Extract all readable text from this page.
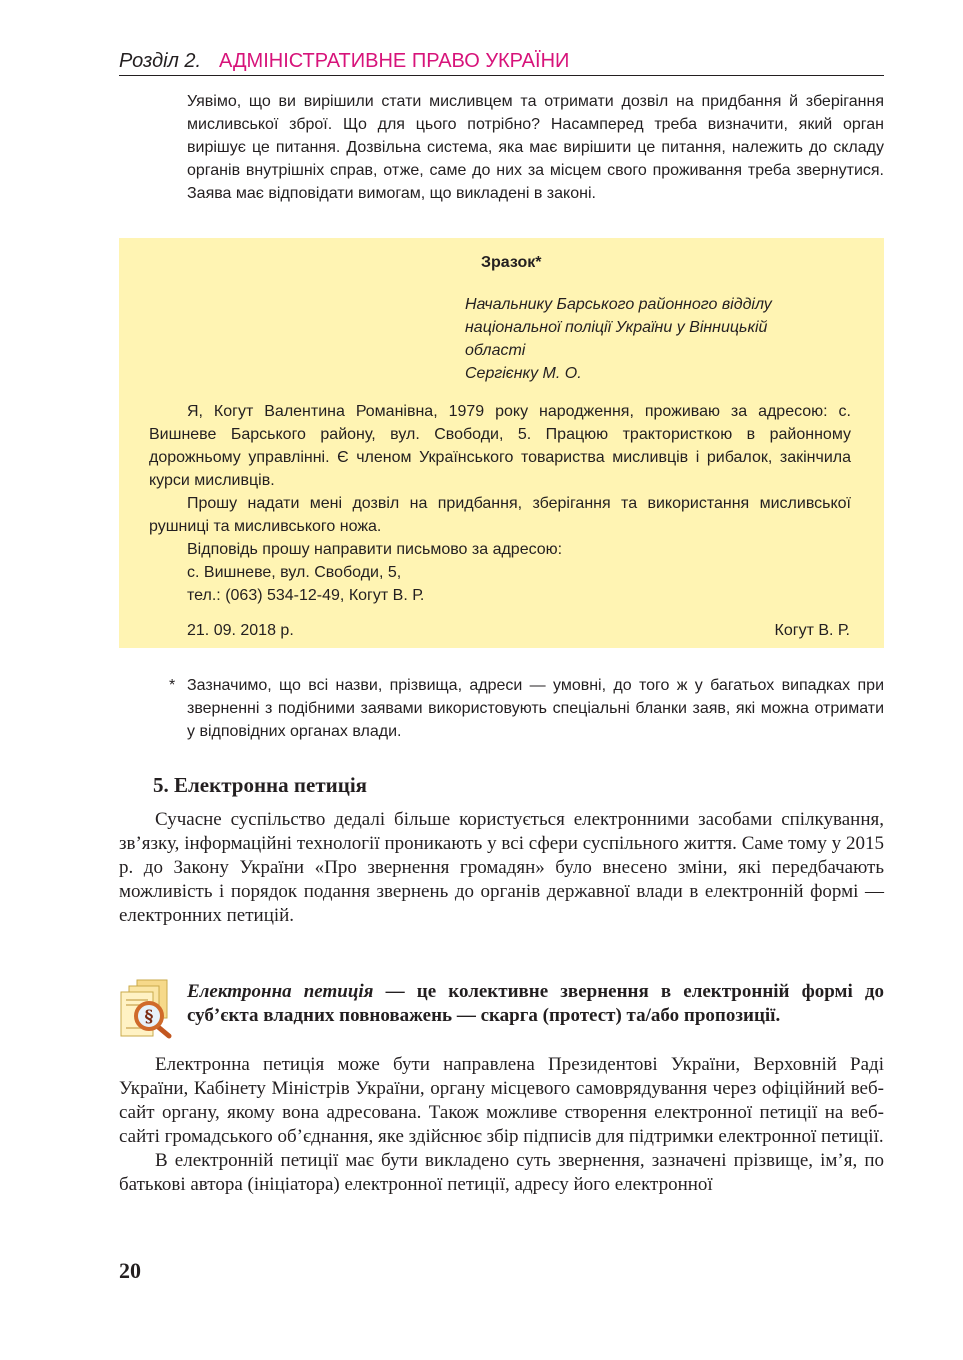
Розділ 2. АДМІНІСТРАТИВНЕ ПРАВО УКРАЇНИ

Уявімо, що ви вирішили стати мисливцем та отримати дозвіл на придбання й зберігання мисливської зброї. Що для цього потрібно? Насамперед треба визначити, який орган вирішує це питання. Дозвільна система, яка має вирішити це питання, належить до складу органів внутрішніх справ, отже, саме до них за місцем свого проживання треба звернутися. Заява має відповідати вимогам, що викладені в законі.

Зразок*
Начальнику Барського районного відділу
національної поліції України у Вінницькій
області
Сергієнку М. О.

Я, Когут Валентина Романівна, 1979 року народження, проживаю за адресою: с. Вишневе Барського району, вул. Свободи, 5. Працюю трактористкою в районному дорожньому управлінні. Є членом Українського товариства мисливців і рибалок, закінчила курси мисливців.

Прошу надати мені дозвіл на придбання, зберігання та використання мисливської рушниці та мисливського ножа.

Відповідь прошу направити письмово за адресою:

с. Вишневе, вул. Свободи, 5,

тел.: (063) 534-12-49, Когут В. Р.

21. 09. 2018 р.	Когут В. Р.
* Зазначимо, що всі назви, прізвища, адреси — умовні, до того ж у багатьох випадках при зверненні з подібними заявами використовують спеціальні бланки заяв, які можна отримати у відповідних органах влади.

5. Електронна петиція

Сучасне суспільство дедалі більше користується електронними засобами спілкування, зв’язку, інформаційні технології проникають у всі сфери суспільного життя. Саме тому у 2015 р. до Закону України «Про звернення громадян» було внесено зміни, які передбачають можливість і порядок подання звернень до органів державної влади в електронній формі — електронних петицій.

§

Електронна петиція — це колективне звернення в електронній формі до суб’єкта владних повноважень — скарга (протест) та/або пропозиції.

Електронна петиція може бути направлена Президентові України, Верховній Раді України, Кабінету Міністрів України, органу місцевого самоврядування через офіційний веб-сайт органу, якому вона адресована. Також можливе створення електронної петиції на веб-сайті громадського об’єднання, яке здійснює збір підписів для підтримки електронної петиції.

В електронній петиції має бути викладено суть звернення, зазначені прізвище, ім’я, по батькові автора (ініціатора) електронної петиції, адресу його електронної

20
